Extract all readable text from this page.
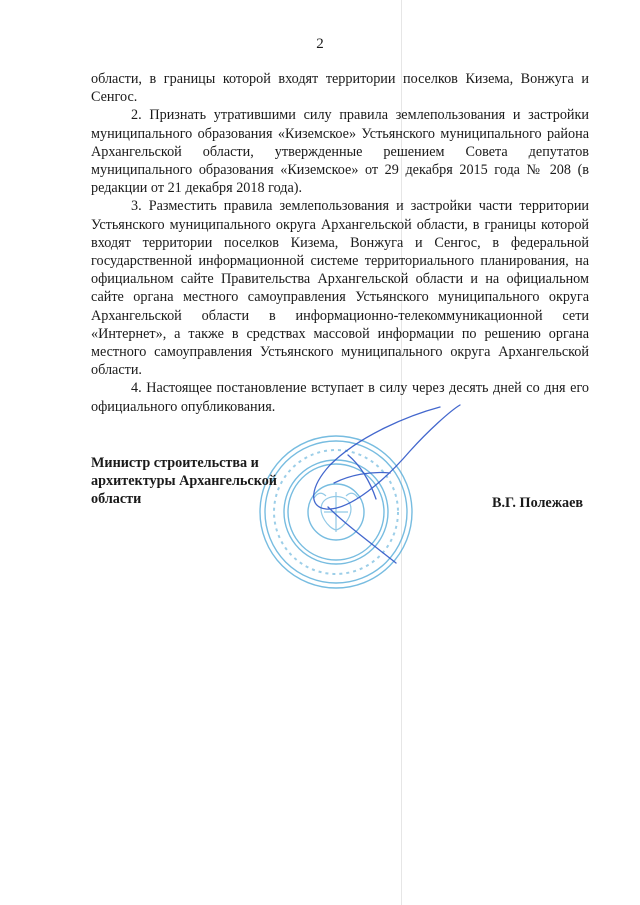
2

области, в границы которой входят территории поселков Кизема, Вонжуга и Сенгос.

2. Признать утратившими силу правила землепользования и застройки муниципального образования «Киземское» Устьянского муниципального района Архангельской области, утвержденные решением Совета депутатов муниципального образования «Киземское» от 29 декабря 2015 года № 208 (в редакции от 21 декабря 2018 года).

3. Разместить правила землепользования и застройки части территории Устьянского муниципального округа Архангельской области, в границы которой входят территории поселков Кизема, Вонжуга и Сенгос, в федеральной государственной информационной системе территориального планирования, на официальном сайте Правительства Архангельской области и на официальном сайте органа местного самоуправления Устьянского муниципального округа Архангельской области в информационно-телекоммуникационной сети «Интернет», а также в средствах массовой информации по решению органа местного самоуправления Устьянского муниципального округа Архангельской области.

4. Настоящее постановление вступает в силу через десять дней со дня его официального опубликования.

Министр строительства и
архитектуры Архангельской
области	В.Г. Полежаев
